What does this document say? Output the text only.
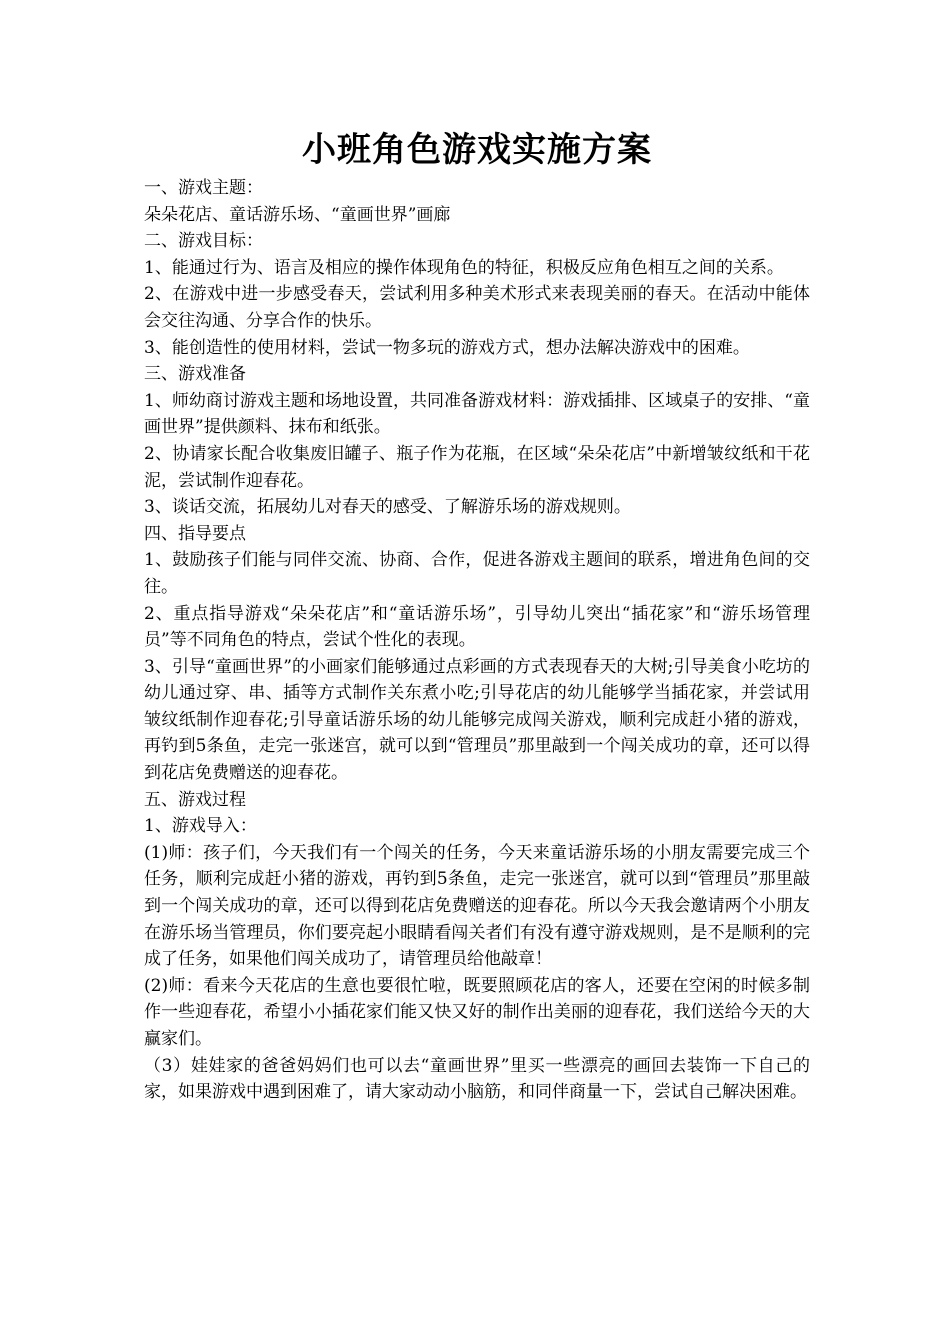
小班角色游戏实施方案

一、游戏主题：

朵朵花店、童话游乐场、“童画世界”画廊

二、游戏目标：

1、能通过行为、语言及相应的操作体现角色的特征，积极反应角色相互之间的关系。

2、在游戏中进一步感受春天，尝试利用多种美术形式来表现美丽的春天。在活动中能体会交往沟通、分享合作的快乐。

3、能创造性的使用材料，尝试一物多玩的游戏方式，想办法解决游戏中的困难。

三、游戏准备

1、师幼商讨游戏主题和场地设置，共同准备游戏材料：游戏插排、区域桌子的安排、“童画世界”提供颜料、抹布和纸张。

2、协请家长配合收集废旧罐子、瓶子作为花瓶，在区域“朵朵花店”中新增皱纹纸和干花泥，尝试制作迎春花。

3、谈话交流，拓展幼儿对春天的感受、了解游乐场的游戏规则。

四、指导要点

1、鼓励孩子们能与同伴交流、协商、合作，促进各游戏主题间的联系，增进角色间的交往。

2、重点指导游戏“朵朵花店”和“童话游乐场”，引导幼儿突出“插花家”和“游乐场管理员”等不同角色的特点，尝试个性化的表现。

3、引导“童画世界”的小画家们能够通过点彩画的方式表现春天的大树;引导美食小吃坊的幼儿通过穿、串、插等方式制作关东煮小吃;引导花店的幼儿能够学当插花家，并尝试用皱纹纸制作迎春花;引导童话游乐场的幼儿能够完成闯关游戏，顺利完成赶小猪的游戏，再钓到5条鱼，走完一张迷宫，就可以到“管理员”那里敲到一个闯关成功的章，还可以得到花店免费赠送的迎春花。

五、游戏过程

1、游戏导入：

(1)师：孩子们，今天我们有一个闯关的任务，今天来童话游乐场的小朋友需要完成三个任务，顺利完成赶小猪的游戏，再钓到5条鱼，走完一张迷宫，就可以到“管理员”那里敲到一个闯关成功的章，还可以得到花店免费赠送的迎春花。所以今天我会邀请两个小朋友在游乐场当管理员，你们要亮起小眼睛看闯关者们有没有遵守游戏规则，是不是顺利的完成了任务，如果他们闯关成功了，请管理员给他敲章！

(2)师：看来今天花店的生意也要很忙啦，既要照顾花店的客人，还要在空闲的时候多制作一些迎春花，希望小小插花家们能又快又好的制作出美丽的迎春花，我们送给今天的大赢家们。

（3）娃娃家的爸爸妈妈们也可以去“童画世界”里买一些漂亮的画回去装饰一下自己的家，如果游戏中遇到困难了，请大家动动小脑筋，和同伴商量一下，尝试自己解决困难。
